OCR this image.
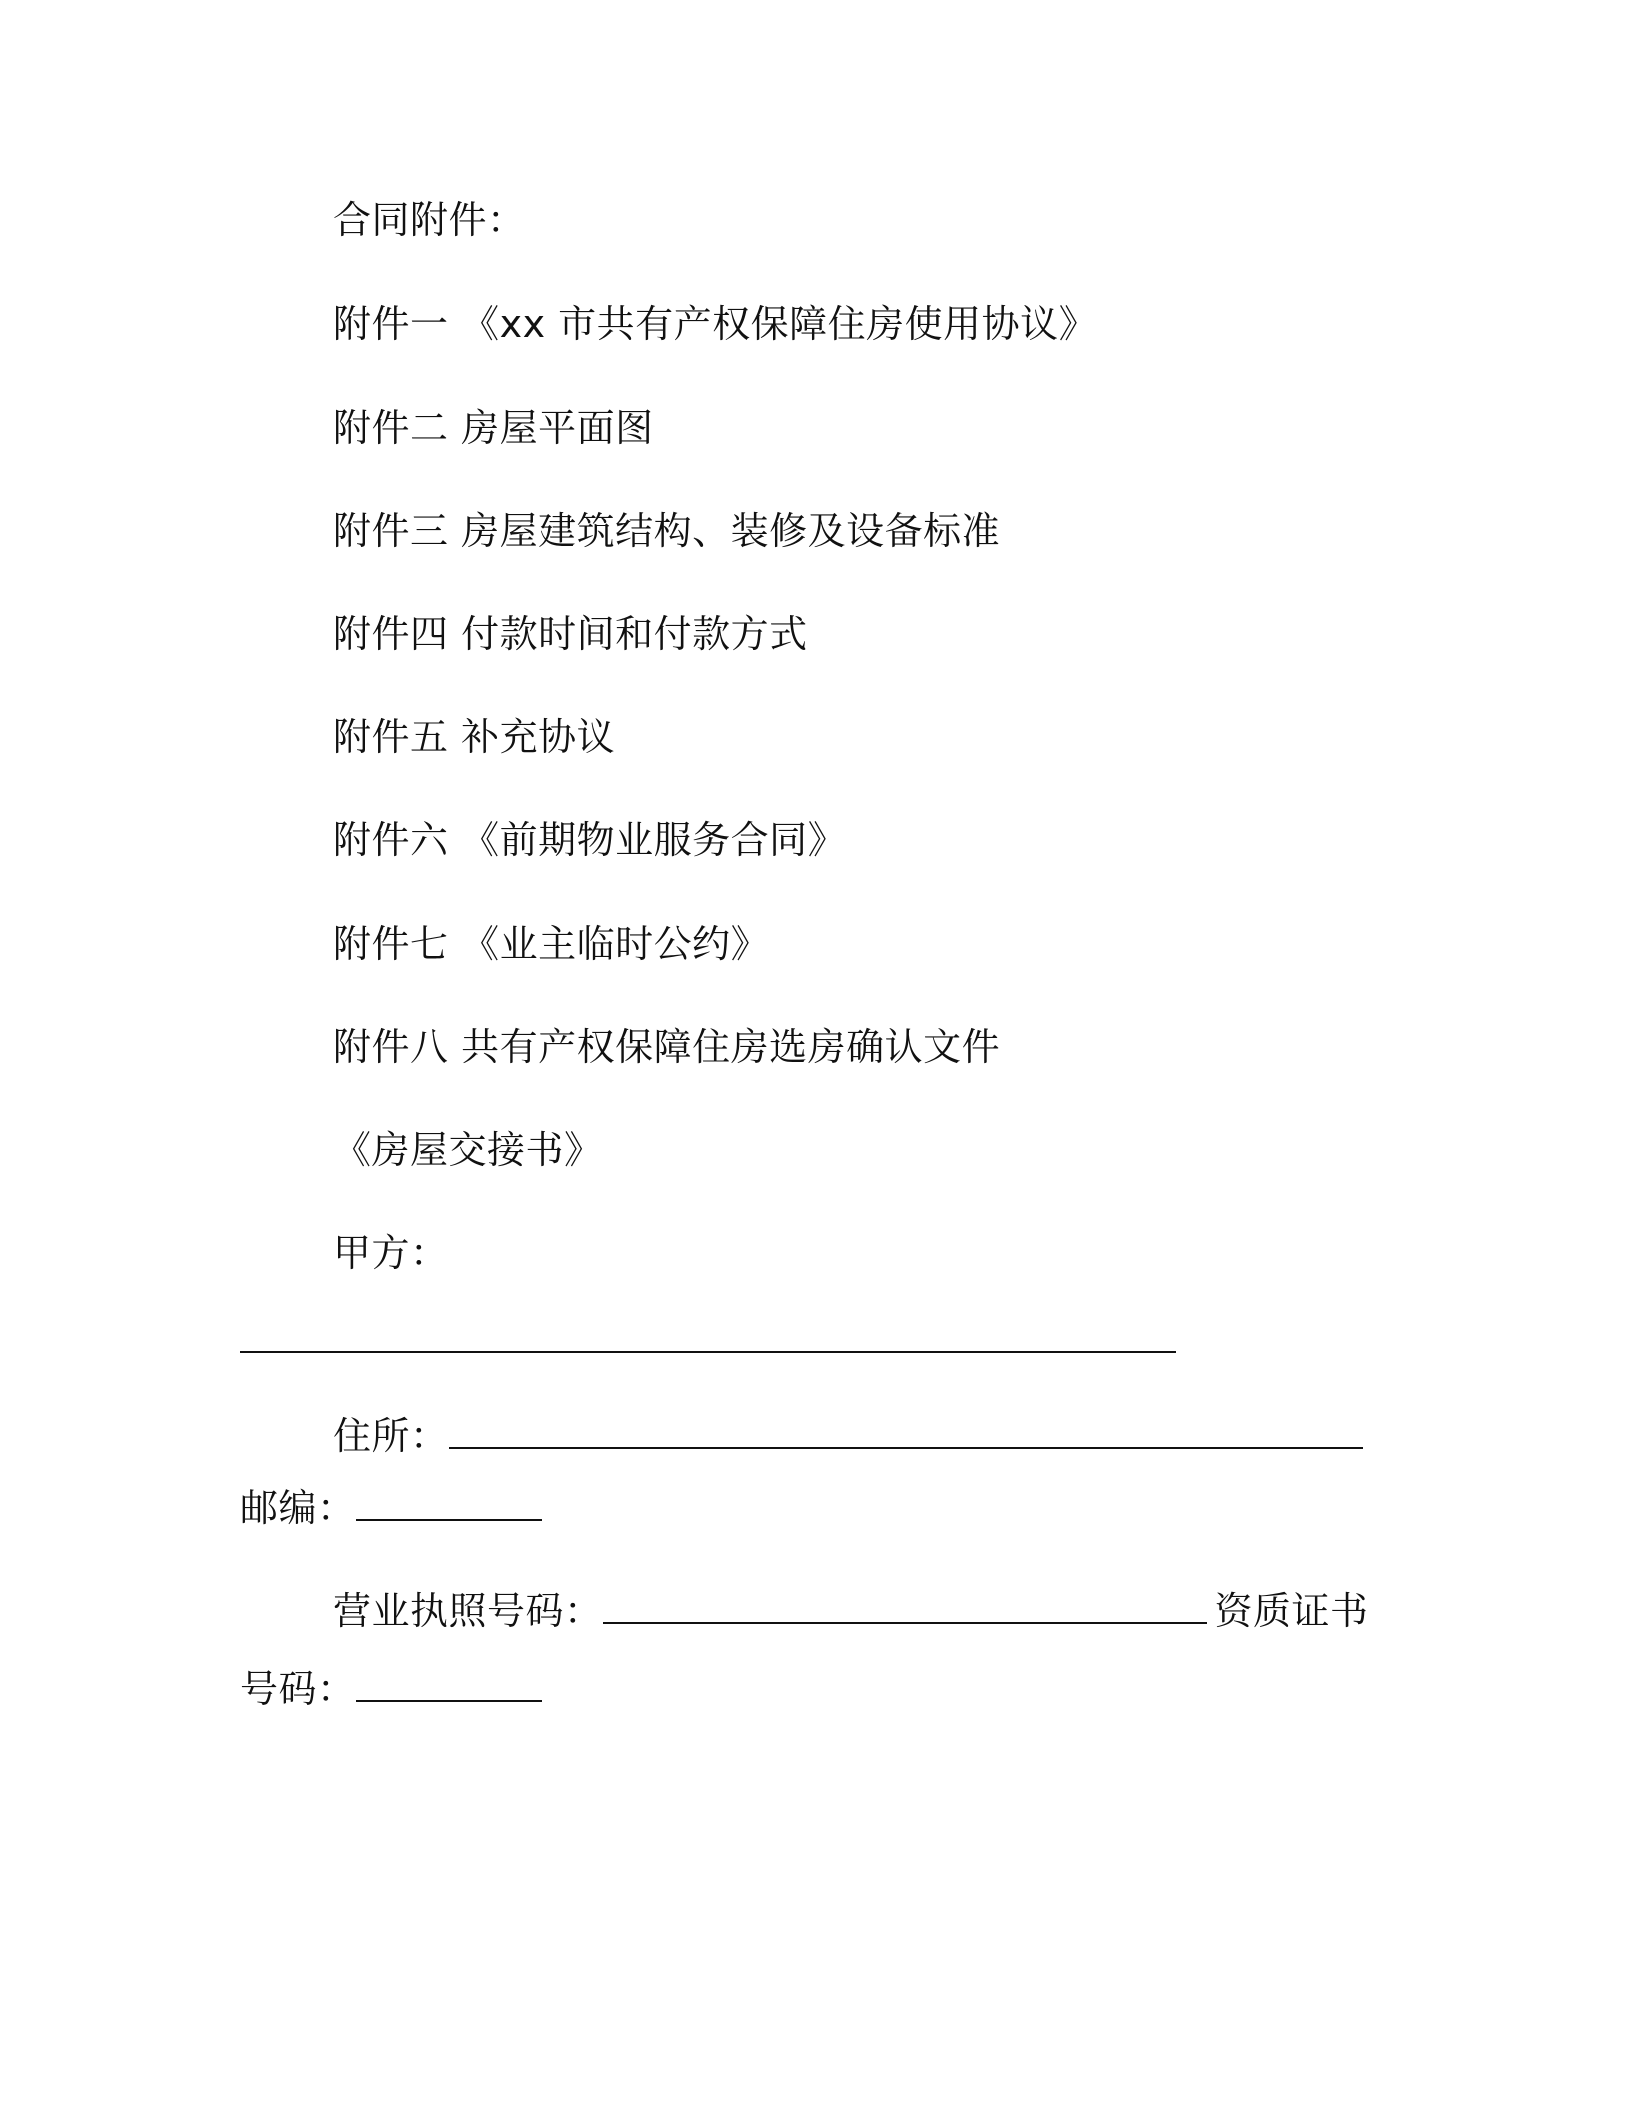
合同附件：
附件一 《xx 市共有产权保障住房使用协议》
附件二 房屋平面图
附件三 房屋建筑结构、装修及设备标准
附件四 付款时间和付款方式
附件五 补充协议
附件六 《前期物业服务合同》
附件七 《业主临时公约》
附件八 共有产权保障住房选房确认文件
《房屋交接书》
甲方：
住所：
邮编：
营业执照号码：	资质证书
号码：
